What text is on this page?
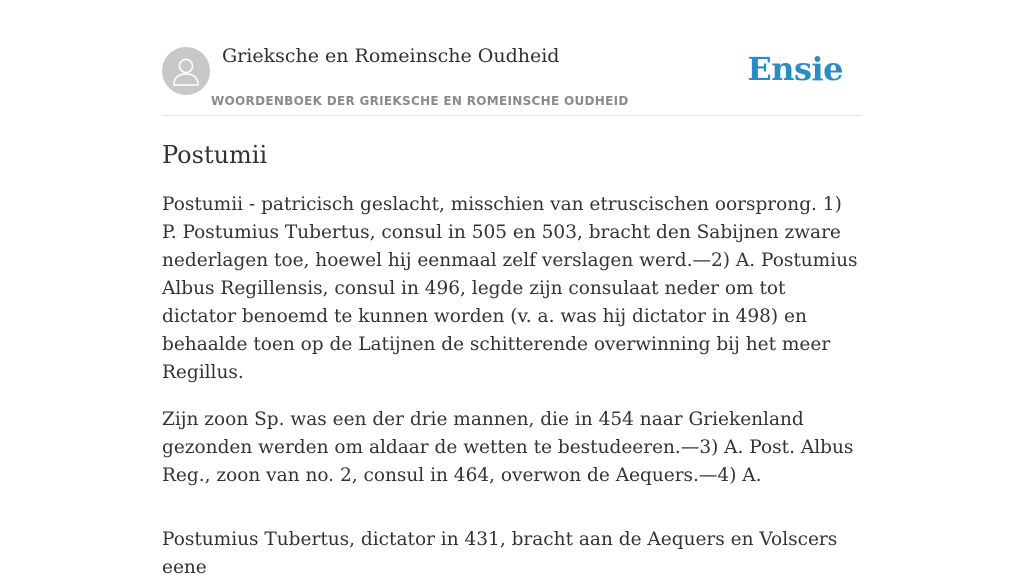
Grieksche en Romeinsche Oudheid
WOORDENBOEK DER GRIEKSCHE EN ROMEINSCHE OUDHEID
Ensie
Postumii

Postumii - patricisch geslacht, misschien van etruscischen oorsprong. 1) P. Postumius Tubertus, consul in 505 en 503, bracht den Sabijnen zware nederlagen toe, hoewel hij eenmaal zelf verslagen werd.—2) A. Postumius Albus Regillensis, consul in 496, legde zijn consulaat neder om tot dictator benoemd te kunnen worden (v. a. was hij dictator in 498) en behaalde toen op de Latijnen de schitterende overwinning bij het meer Regillus.

Zijn zoon Sp. was een der drie mannen, die in 454 naar Griekenland gezonden werden om aldaar de wetten te bestudeeren.—3) A. Post. Albus Reg., zoon van no. 2, consul in 464, overwon de Aequers.—4) A.

Postumius Tubertus, dictator in 431, bracht aan de Aequers en Volscers eene
